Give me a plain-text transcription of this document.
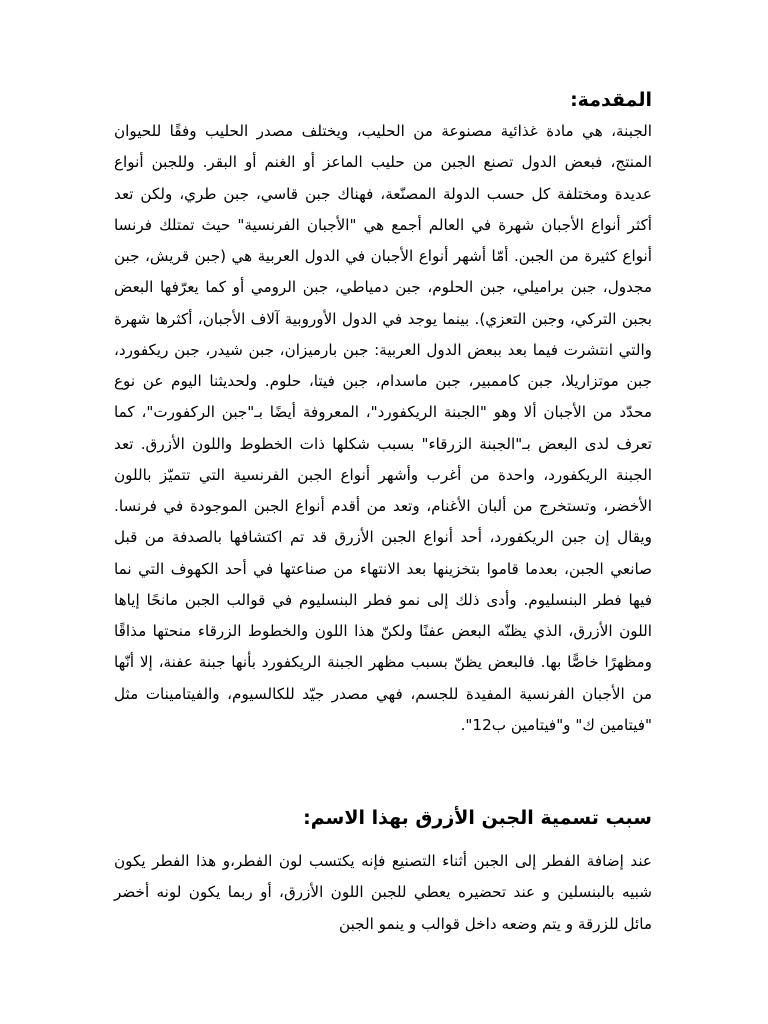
المقدمة:

الجبنة، هي مادة غذائية مصنوعة من الحليب، ويختلف مصدر الحليب وفقًا للحيوان المنتج، فبعض الدول تصنع الجبن من حليب الماعز أو الغنم أو البقر. وللجبن أنواع عديدة ومختلفة كل حسب الدولة المصنّعة، فهناك جبن قاسي، جبن طري، ولكن تعد أكثر أنواع الأجبان شهرة في العالم أجمع هي "الأجبان الفرنسية" حيث تمتلك فرنسا أنواع كثيرة من الجبن. أمّا أشهر أنواع الأجبان في الدول العربية هي (جبن قريش، جبن مجدول، جبن براميلي، جبن الحلوم، جبن دمياطي، جبن الرومي أو كما يعرّفها البعض بجبن التركي، وجبن التعزي). بينما يوجد في الدول الأوروبية آلاف الأجبان، أكثرها شهرة والتي انتشرت فيما بعد ببعض الدول العربية: جبن بارميزان، جبن شيدر، جبن ريكفورد، جبن موتزاريلا، جبن كاممبير، جبن ماسدام، جبن فيتا، حلوم. ولحديثنا اليوم عن نوع محدّد من الأجبان ألا وهو "الجبنة الريكفورد"، المعروفة أيضًا بـ"جبن الركفورت"، كما تعرف لدى البعض بـ"الجبنة الزرقاء" بسبب شكلها ذات الخطوط واللون الأزرق. تعد الجبنة الريكفورد، واحدة من أغرب وأشهر أنواع الجبن الفرنسية التي تتميّز باللون الأخضر، وتستخرج من ألبان الأغنام، وتعد من أقدم أنواع الجبن الموجودة في فرنسا. ويقال إن جبن الريكفورد، أحد أنواع الجبن الأزرق قد تم اكتشافها بالصدفة من قبل صانعي الجبن، بعدما قاموا بتخزينها بعد الانتهاء من صناعتها في أحد الكهوف التي نما فيها فطر البنسليوم. وأدى ذلك إلى نمو فطر البنسليوم في قوالب الجبن مانحًا إياها اللون الأزرق، الذي يظنّه البعض عفنًا ولكنّ هذا اللون والخطوط الزرقاء منحتها مذاقًا ومظهرًا خاصًّا بها. فالبعض يظنّ بسبب مظهر الجبنة الريكفورد بأنها جبنة عفنة، إلا أنّها من الأجبان الفرنسية المفيدة للجسم، فهي مصدر جيّد للكالسيوم، والفيتامينات مثل "فيتامين ك" و"فيتامين ب12".

سبب تسمية الجبن الأزرق بهذا الاسم:

عند إضافة الفطر إلى الجبن أثناء التصنيع فإنه يكتسب لون الفطر،و هذا الفطر يكون شبيه بالبنسلين و عند تحضيره يعطي للجبن اللون الأزرق، أو ربما يكون لونه أخضر مائل للزرقة و يتم وضعه داخل قوالب و ينمو الجبن
